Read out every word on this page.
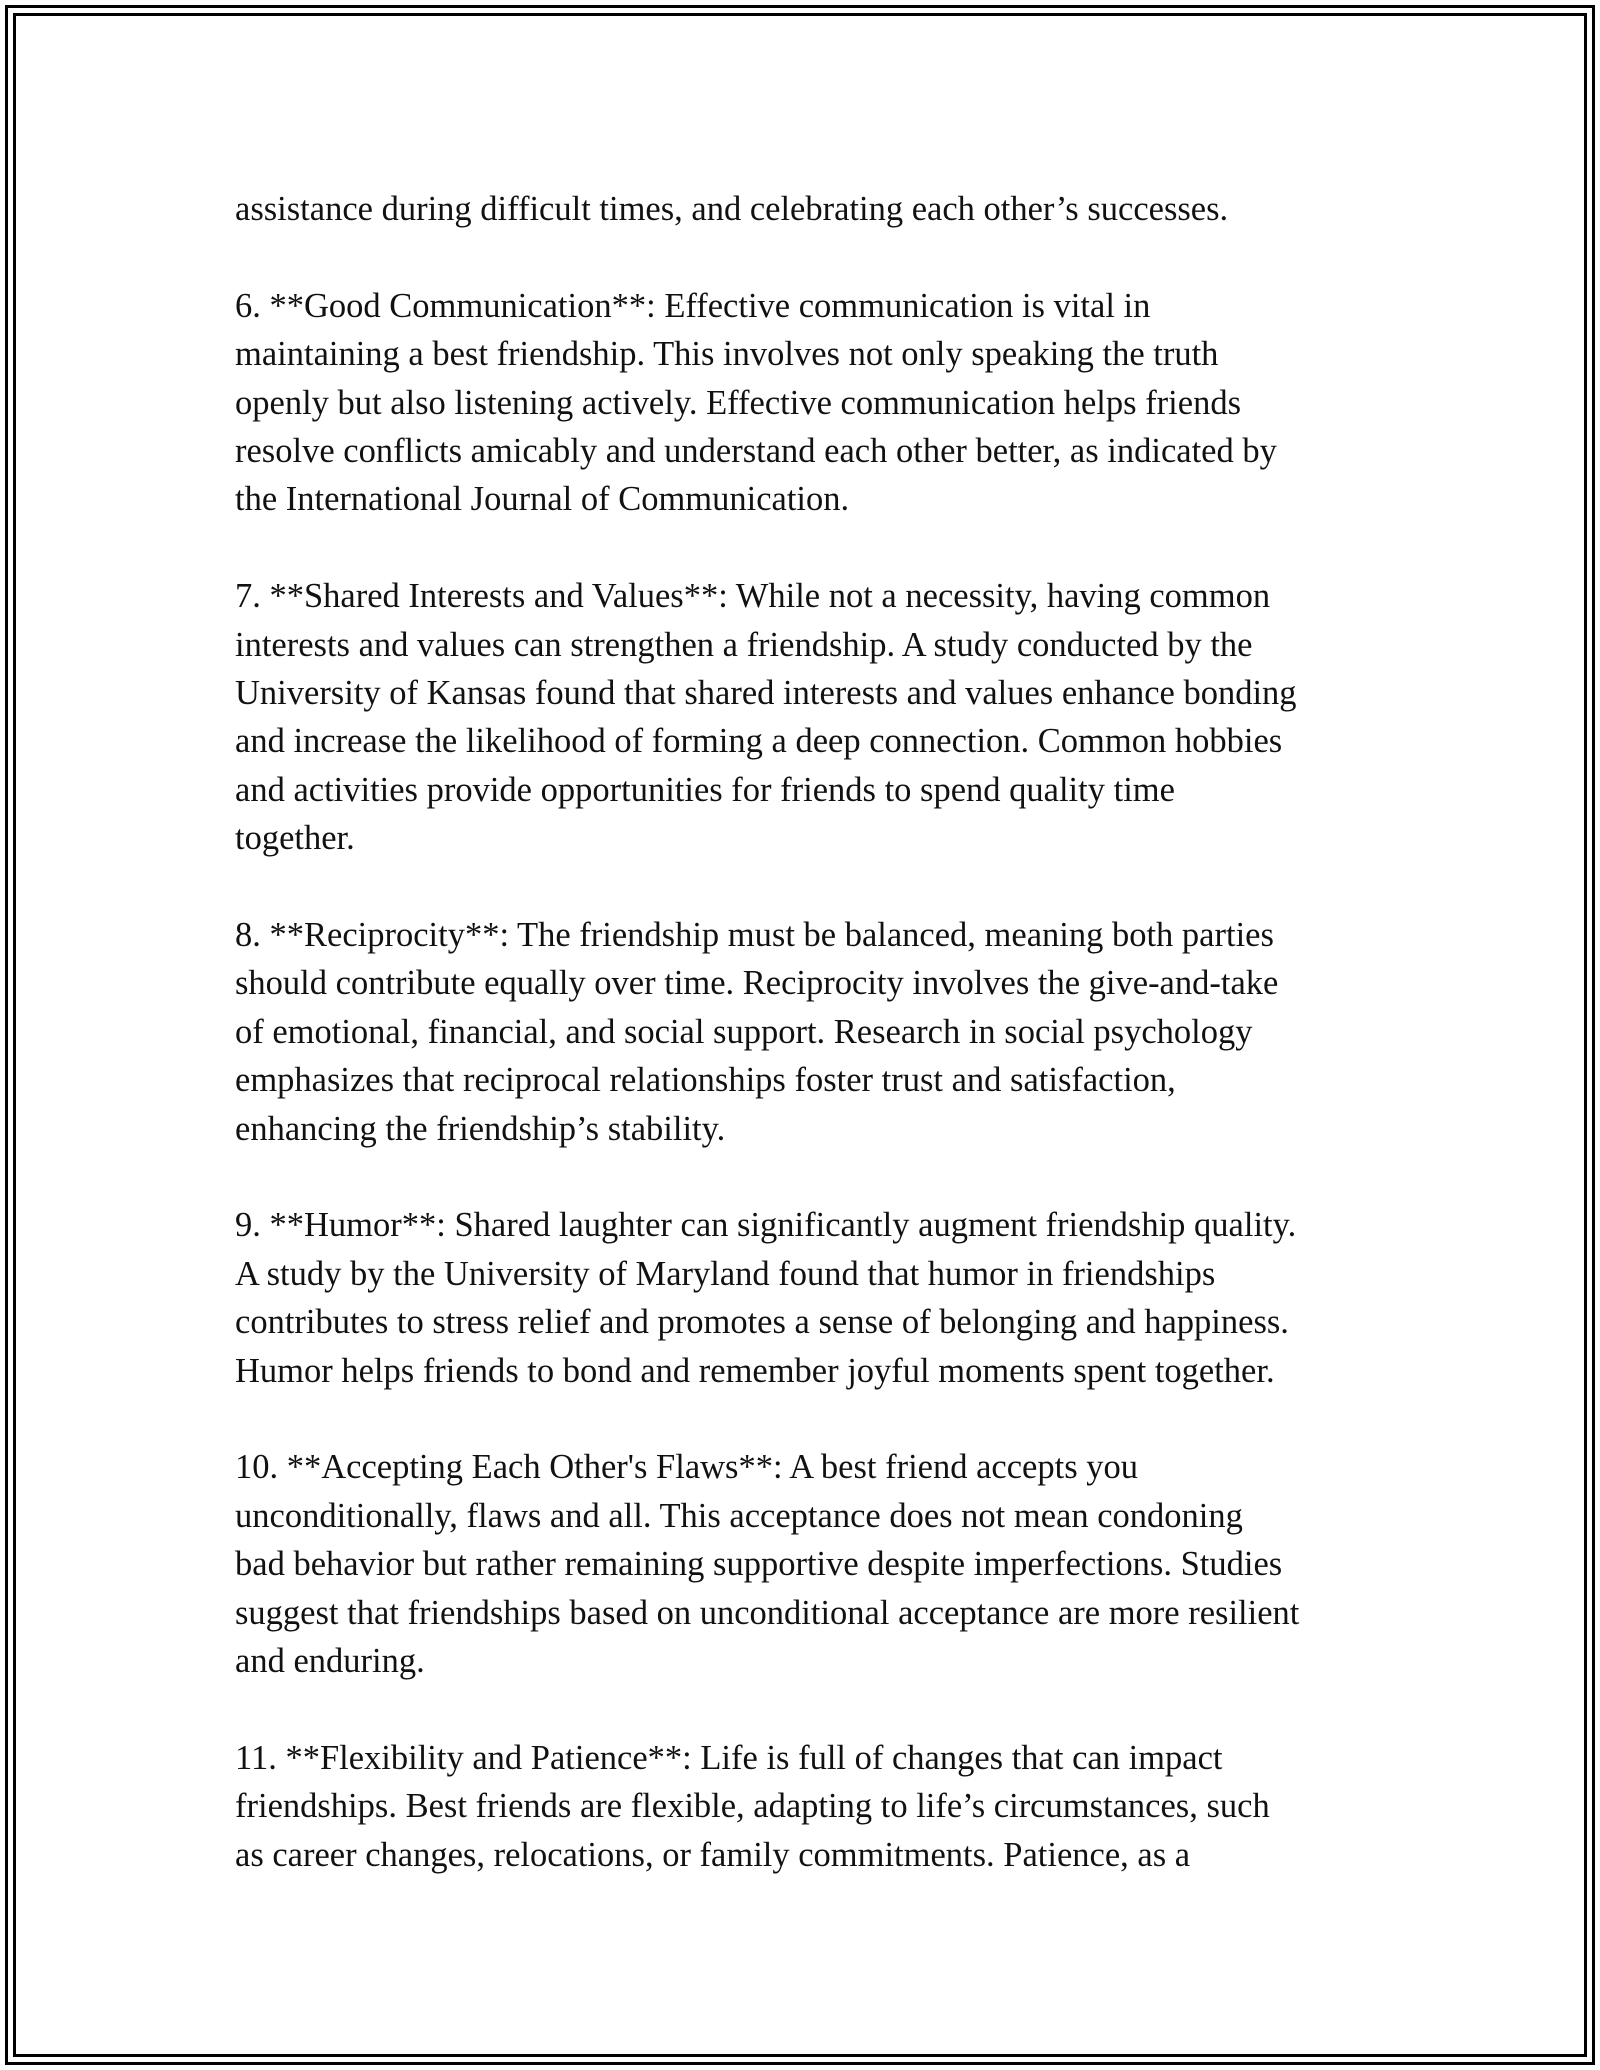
assistance during difficult times, and celebrating each other’s successes.

6. **Good Communication**: Effective communication is vital in
maintaining a best friendship. This involves not only speaking the truth
openly but also listening actively. Effective communication helps friends
resolve conflicts amicably and understand each other better, as indicated by
the International Journal of Communication.

7. **Shared Interests and Values**: While not a necessity, having common
interests and values can strengthen a friendship. A study conducted by the
University of Kansas found that shared interests and values enhance bonding
and increase the likelihood of forming a deep connection. Common hobbies
and activities provide opportunities for friends to spend quality time
together.

8. **Reciprocity**: The friendship must be balanced, meaning both parties
should contribute equally over time. Reciprocity involves the give-and-take
of emotional, financial, and social support. Research in social psychology
emphasizes that reciprocal relationships foster trust and satisfaction,
enhancing the friendship’s stability.

9. **Humor**: Shared laughter can significantly augment friendship quality.
A study by the University of Maryland found that humor in friendships
contributes to stress relief and promotes a sense of belonging and happiness.
Humor helps friends to bond and remember joyful moments spent together.

10. **Accepting Each Other's Flaws**: A best friend accepts you
unconditionally, flaws and all. This acceptance does not mean condoning
bad behavior but rather remaining supportive despite imperfections. Studies
suggest that friendships based on unconditional acceptance are more resilient
and enduring.

11. **Flexibility and Patience**: Life is full of changes that can impact
friendships. Best friends are flexible, adapting to life’s circumstances, such
as career changes, relocations, or family commitments. Patience, as a
